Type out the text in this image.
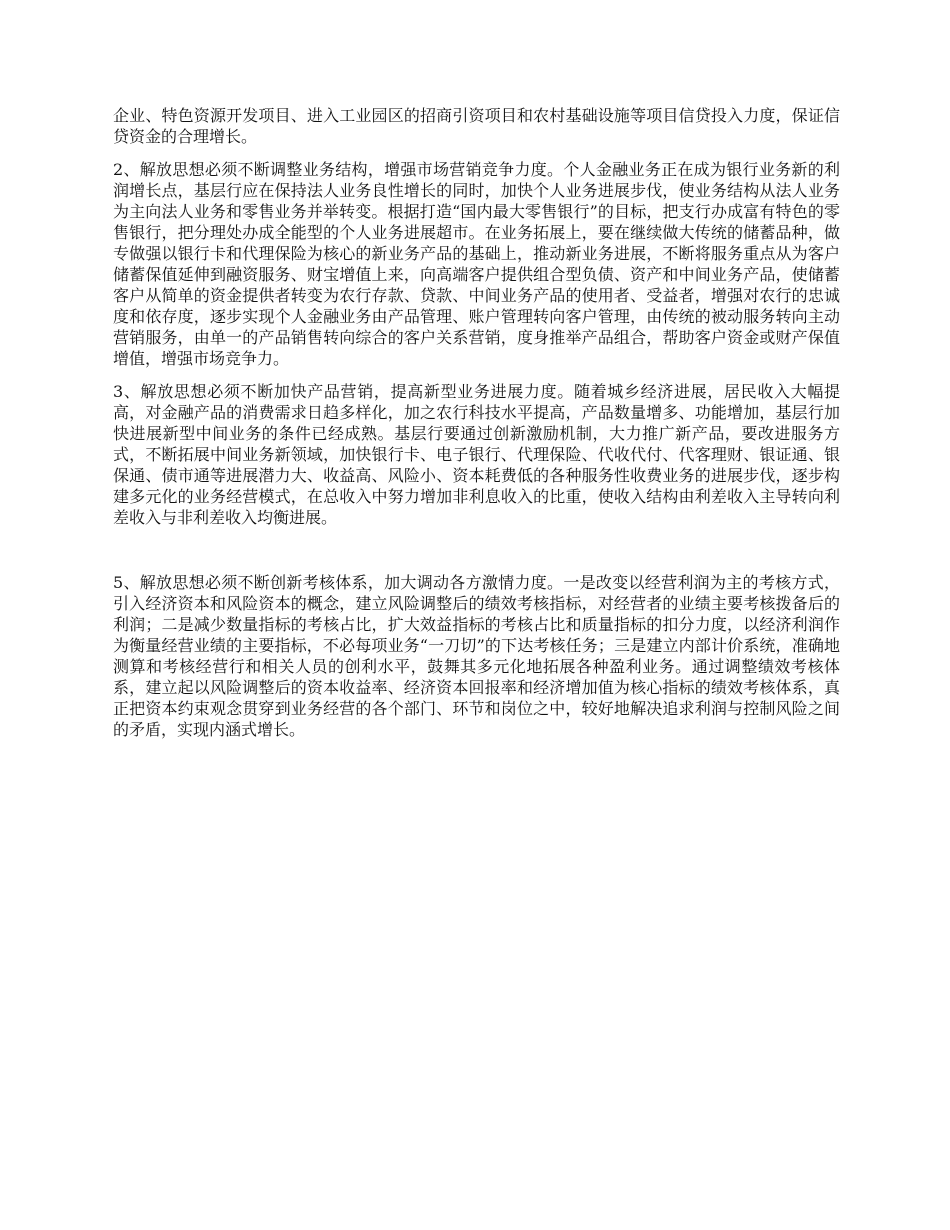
企业、特色资源开发项目、进入工业园区的招商引资项目和农村基础设施等项目信贷投入力度，保证信贷资金的合理增长。

2、解放思想必须不断调整业务结构，增强市场营销竞争力度。个人金融业务正在成为银行业务新的利润增长点，基层行应在保持法人业务良性增长的同时，加快个人业务进展步伐，使业务结构从法人业务为主向法人业务和零售业务并举转变。根据打造“国内最大零售银行”的目标，把支行办成富有特色的零售银行，把分理处办成全能型的个人业务进展超市。在业务拓展上，要在继续做大传统的储蓄品种，做专做强以银行卡和代理保险为核心的新业务产品的基础上，推动新业务进展，不断将服务重点从为客户储蓄保值延伸到融资服务、财宝增值上来，向高端客户提供组合型负债、资产和中间业务产品，使储蓄客户从简单的资金提供者转变为农行存款、贷款、中间业务产品的使用者、受益者，增强对农行的忠诚度和依存度，逐步实现个人金融业务由产品管理、账户管理转向客户管理，由传统的被动服务转向主动营销服务，由单一的产品销售转向综合的客户关系营销，度身推举产品组合，帮助客户资金或财产保值增值，增强市场竞争力。

3、解放思想必须不断加快产品营销，提高新型业务进展力度。随着城乡经济进展，居民收入大幅提高，对金融产品的消费需求日趋多样化，加之农行科技水平提高，产品数量增多、功能增加，基层行加快进展新型中间业务的条件已经成熟。基层行要通过创新激励机制，大力推广新产品，要改进服务方式，不断拓展中间业务新领域，加快银行卡、电子银行、代理保险、代收代付、代客理财、银证通、银保通、债市通等进展潜力大、收益高、风险小、资本耗费低的各种服务性收费业务的进展步伐，逐步构建多元化的业务经营模式，在总收入中努力增加非利息收入的比重，使收入结构由利差收入主导转向利差收入与非利差收入均衡进展。

5、解放思想必须不断创新考核体系，加大调动各方激情力度。一是改变以经营利润为主的考核方式，引入经济资本和风险资本的概念，建立风险调整后的绩效考核指标，对经营者的业绩主要考核拨备后的利润；二是减少数量指标的考核占比，扩大效益指标的考核占比和质量指标的扣分力度，以经济利润作为衡量经营业绩的主要指标，不必每项业务“一刀切”的下达考核任务；三是建立内部计价系统，准确地测算和考核经营行和相关人员的创利水平，鼓舞其多元化地拓展各种盈利业务。通过调整绩效考核体系，建立起以风险调整后的资本收益率、经济资本回报率和经济增加值为核心指标的绩效考核体系，真正把资本约束观念贯穿到业务经营的各个部门、环节和岗位之中，较好地解决追求利润与控制风险之间的矛盾，实现内涵式增长。
